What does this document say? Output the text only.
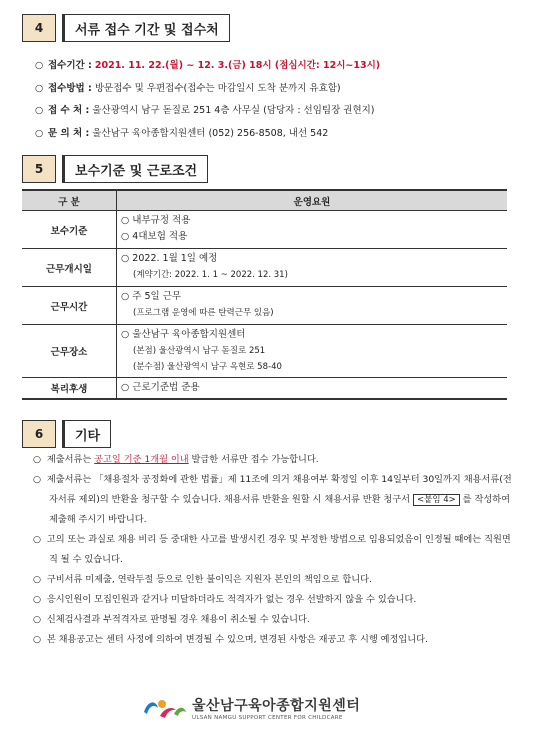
4	서류 접수 기간 및 접수처
○ 접수기간 : 2021. 11. 22.(월) ~ 12. 3.(금) 18시 (점심시간: 12시~13시)
○ 접수방법 : 방문접수 및 우편접수(접수는 마감일시 도착 분까지 유효함)
○ 접 수 처 : 울산광역시 남구 돋질로 251 4층 사무실 (담당자 : 선임팀장 권현지)
○ 문 의 처 : 울산남구 육아종합지원센터 (052) 256-8508, 내선 542
5	보수기준 및 근로조건
구 분	운영요원
보수기준	○ 내부규정 적용
○ 4대보험 적용

근무개시일	○ 2022. 1월 1일 예정
(계약기간: 2022. 1. 1 ~ 2022. 12. 31)

근무시간	○ 주 5일 근무
(프로그램 운영에 따른 탄력근무 있음)

근무장소	○ 울산남구 육아종합지원센터
(본점) 울산광역시 남구 돋질로 251
(분수점) 울산광역시 남구 옥현로 58-40

복리후생	○ 근로기준법 준용
6	기타
○  제출서류는 공고일 기준 1개월 이내 발급한 서류만 접수 가능합니다.
○  제출서류는 「채용절차 공정화에 관한 법률」제 11조에 의거 채용여부 확정일 이후 14일부터 30일까지 채용서류(전자서류 제외)의 반환을 청구할 수 있습니다. 채용서류 반환을 원할 시 채용서류 반환 청구서 <붙임 4> 를 작성하여 제출해 주시기 바랍니다.
○  고의 또는 과실로 채용 비리 등 중대한 사고를 발생시킨 경우 및 부정한 방법으로 임용되었음이 인정될 때에는 직원면직 될 수 있습니다.
○  구비서류 미제출, 연락두절 등으로 인한 불이익은 지원자 본인의 책임으로 합니다.
○  응시인원이 모집인원과 같거나 미달하더라도 적격자가 없는 경우 선발하지 않을 수 있습니다.
○  신체검사결과 부적격자로 판명될 경우 채용이 취소될 수 있습니다.
○  본 채용공고는 센터 사정에 의하여 변경될 수 있으며, 변경된 사항은 재공고 후 시행 예정입니다.
울산남구육아종합지원센터
ULSAN NAMGU SUPPORT CENTER FOR CHILDCARE
